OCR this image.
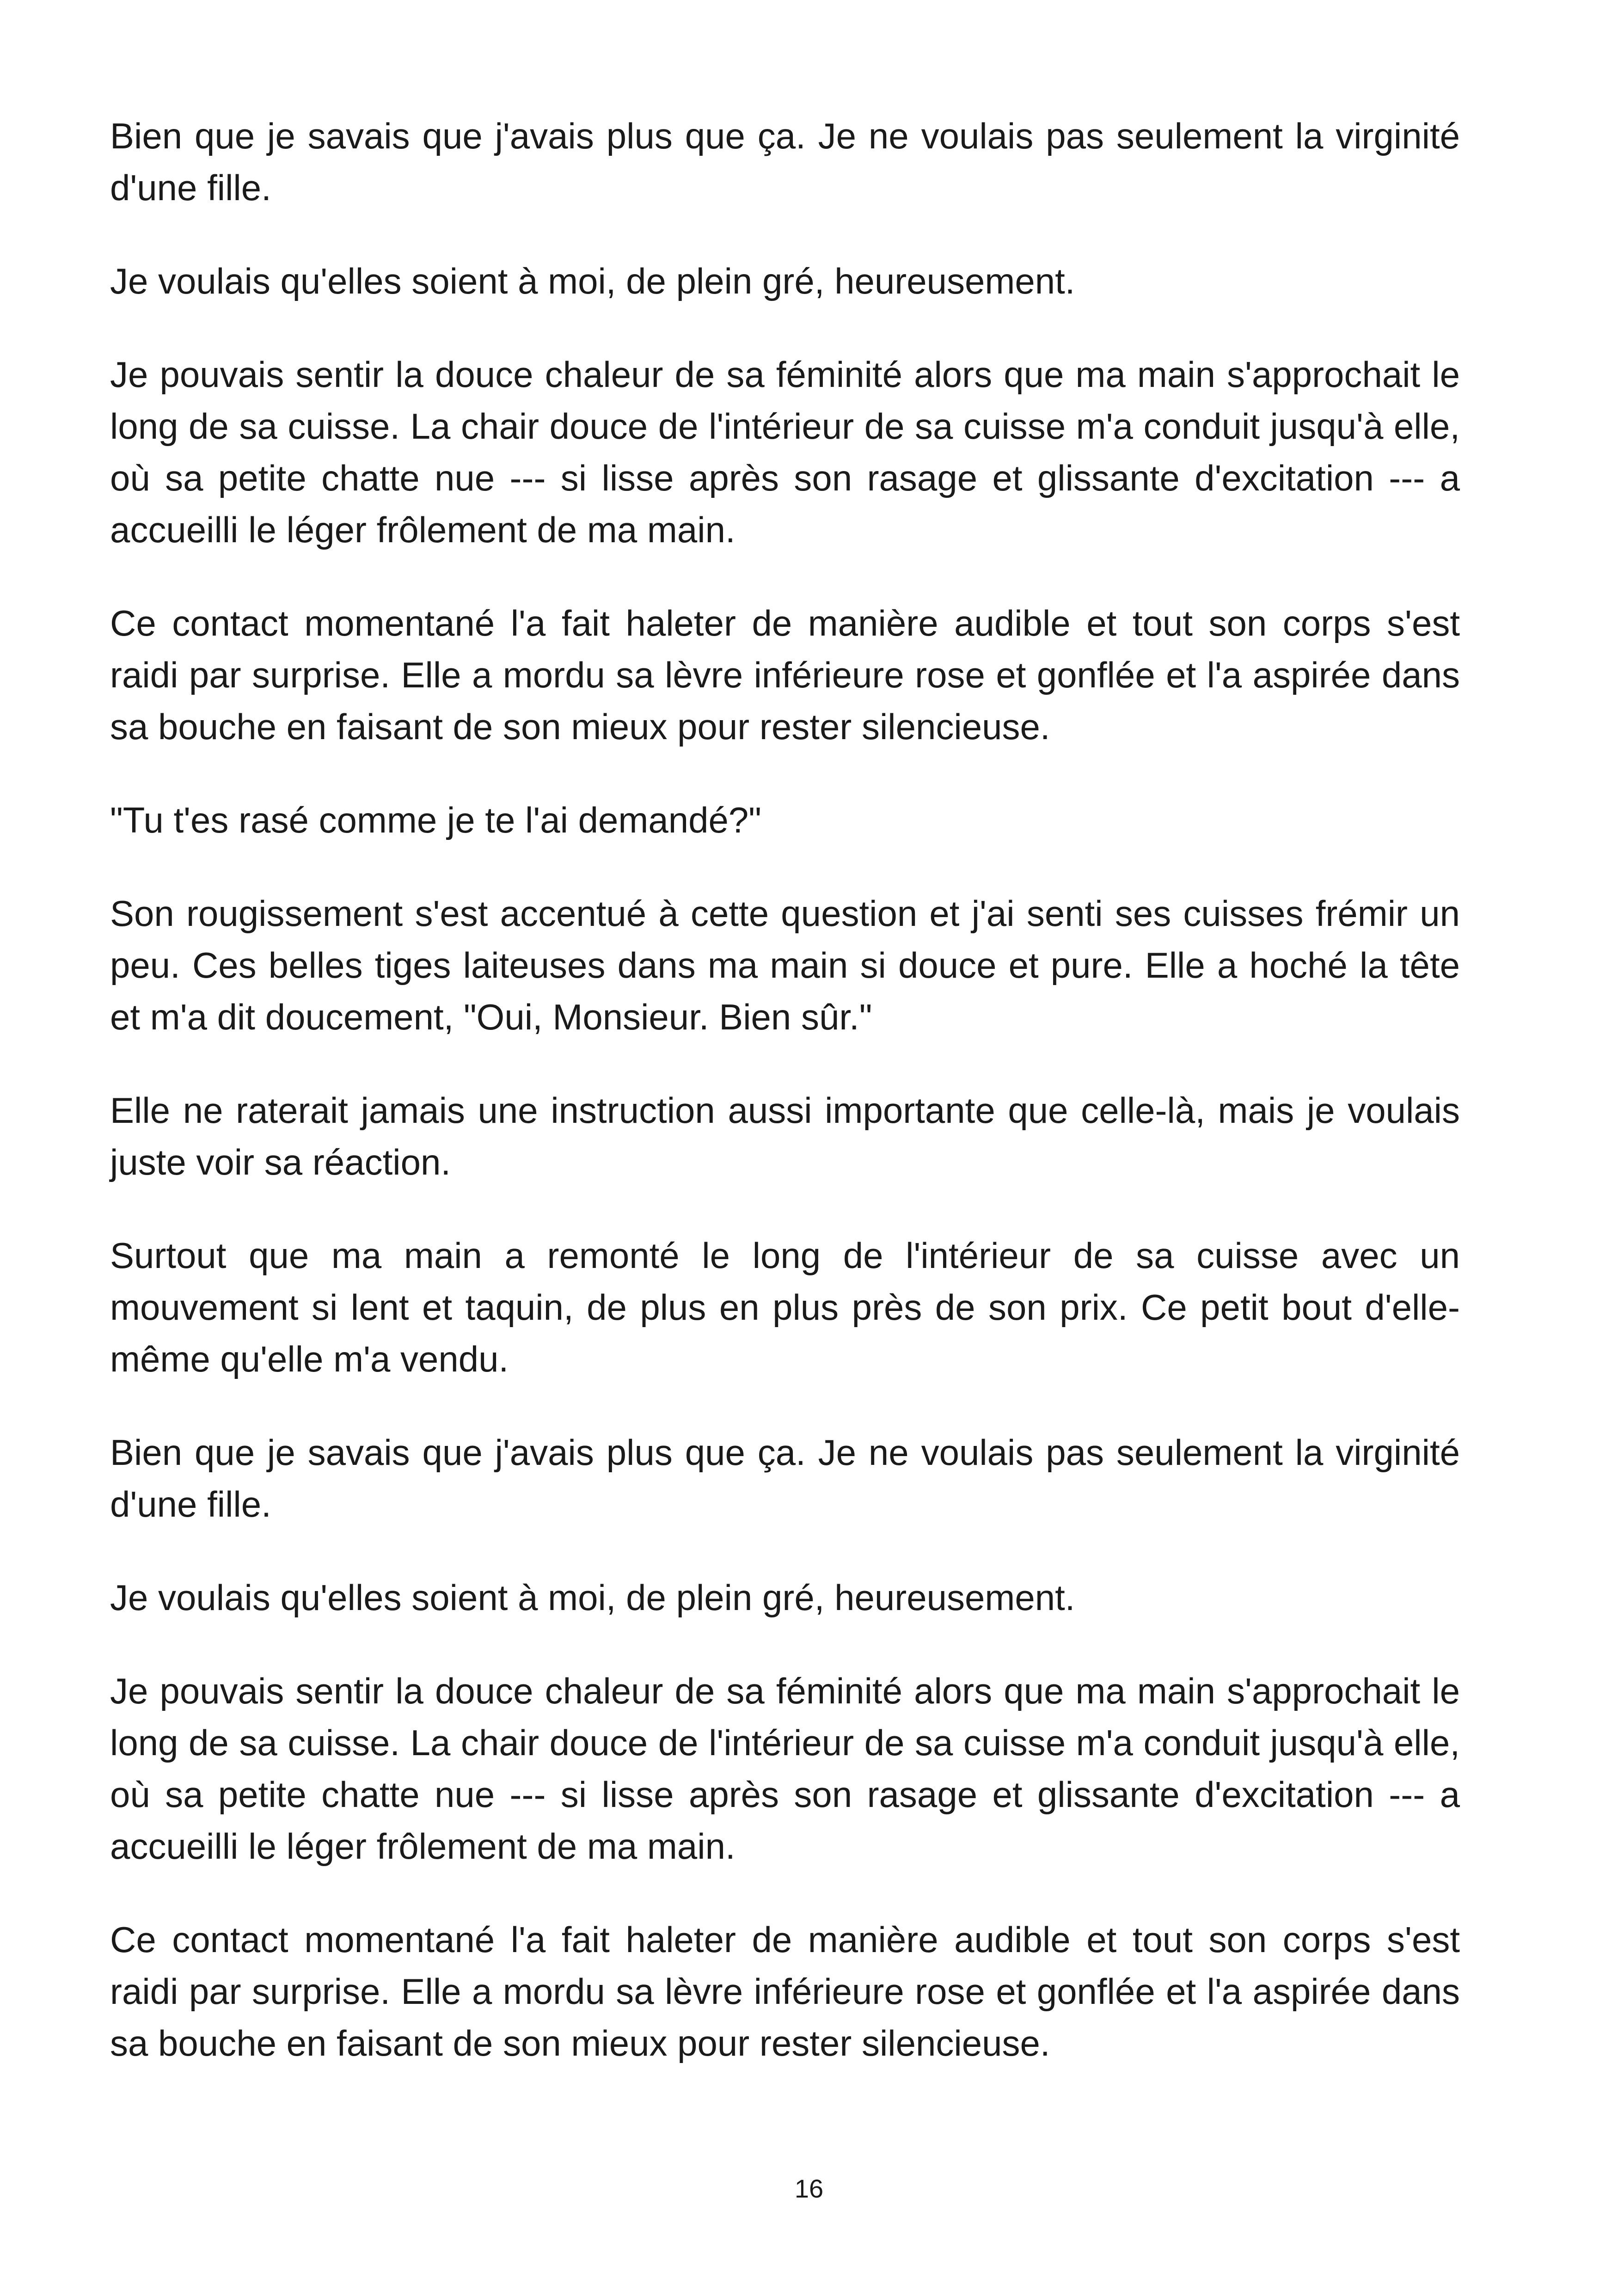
Bien que je savais que j'avais plus que ça. Je ne voulais pas seulement la virginité d'une fille.

Je voulais qu'elles soient à moi, de plein gré, heureusement.

Je pouvais sentir la douce chaleur de sa féminité alors que ma main s'approchait le long de sa cuisse. La chair douce de l'intérieur de sa cuisse m'a conduit jusqu'à elle, où sa petite chatte nue --- si lisse après son rasage et glissante d'excitation --- a accueilli le léger frôlement de ma main.

Ce contact momentané l'a fait haleter de manière audible et tout son corps s'est raidi par surprise. Elle a mordu sa lèvre inférieure rose et gonflée et l'a aspirée dans sa bouche en faisant de son mieux pour rester silencieuse.

"Tu t'es rasé comme je te l'ai demandé?"

Son rougissement s'est accentué à cette question et j'ai senti ses cuisses frémir un peu. Ces belles tiges laiteuses dans ma main si douce et pure. Elle a hoché la tête et m'a dit doucement, "Oui, Monsieur. Bien sûr."

Elle ne raterait jamais une instruction aussi importante que celle-là, mais je voulais juste voir sa réaction.

Surtout que ma main a remonté le long de l'intérieur de sa cuisse avec un mouvement si lent et taquin, de plus en plus près de son prix. Ce petit bout d'elle-même qu'elle m'a vendu.

Bien que je savais que j'avais plus que ça. Je ne voulais pas seulement la virginité d'une fille.

Je voulais qu'elles soient à moi, de plein gré, heureusement.

Je pouvais sentir la douce chaleur de sa féminité alors que ma main s'approchait le long de sa cuisse. La chair douce de l'intérieur de sa cuisse m'a conduit jusqu'à elle, où sa petite chatte nue --- si lisse après son rasage et glissante d'excitation --- a accueilli le léger frôlement de ma main.

Ce contact momentané l'a fait haleter de manière audible et tout son corps s'est raidi par surprise. Elle a mordu sa lèvre inférieure rose et gonflée et l'a aspirée dans sa bouche en faisant de son mieux pour rester silencieuse.

16
